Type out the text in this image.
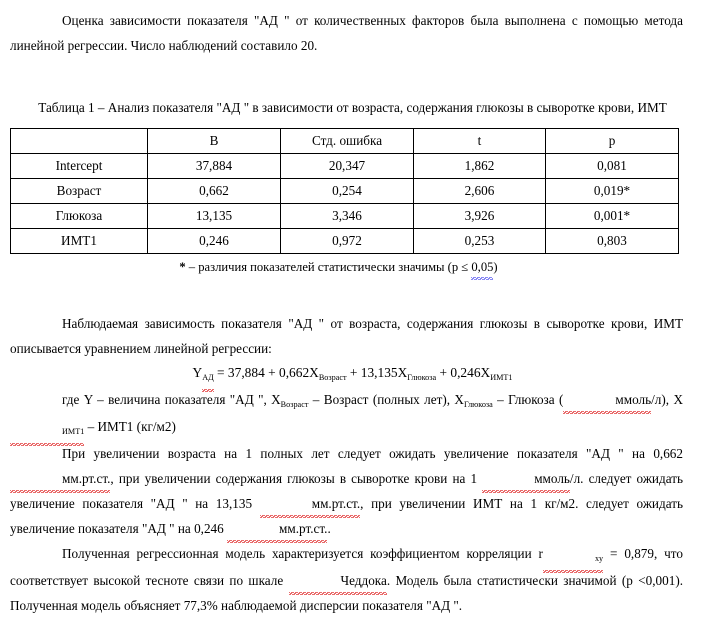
Оценка зависимости показателя "АД " от количественных факторов была выполнена с помощью метода линейной регрессии. Число наблюдений составило 20.

Таблица 1 – Анализ показателя "АД " в зависимости от возраста, содержания глюкозы в сыворотке крови, ИМТ

	B	Стд. ошибка	t	p
Intercept	37,884	20,347	1,862	0,081
Возраст	0,662	0,254	2,606	0,019*
Глюкоза	13,135	3,346	3,926	0,001*
ИМТ1	0,246	0,972	0,253	0,803

* – различия показателей статистически значимы (p ≤ 0,05)

Наблюдаемая зависимость показателя "АД " от возраста, содержания глюкозы в сыворотке крови, ИМТ описывается уравнением линейной регрессии:

$Y_{АД} = 37,884 + 0,662X_{Возраст} + 13,135X_{Глюкоза} + 0,246X_{ИМТ1}$

где Y – величина показателя "АД ", $X_{Возраст}$ – Возраст (полных лет), $X_{Глюкоза}$ – Глюкоза (	ммоль/л), $X_{ИМТ1} - ИМТ1$ (кг/м2)

При увеличении возраста на 1 полных лет следует ожидать увеличение показателя "АД " на 0,662 мм.рт.ст., при увеличении содержания глюкозы в сыворотке крови на 1	ммоль/л. следует ожидать увеличение показателя "АД " на 13,135	мм.рт.ст., при увеличении ИМТ на 1 кг/м2. следует ожидать увеличение показателя "АД " на 0,246	мм.рт.ст..

Полученная регрессионная модель характеризуется коэффициентом корреляции r	$_{xy}$ = 0,879, что соответствует высокой тесноте связи по шкале	Чеддока. Модель была статистически значимой (p <0,001). Полученная модель объясняет 77,3% наблюдаемой дисперсии показателя "АД ".
